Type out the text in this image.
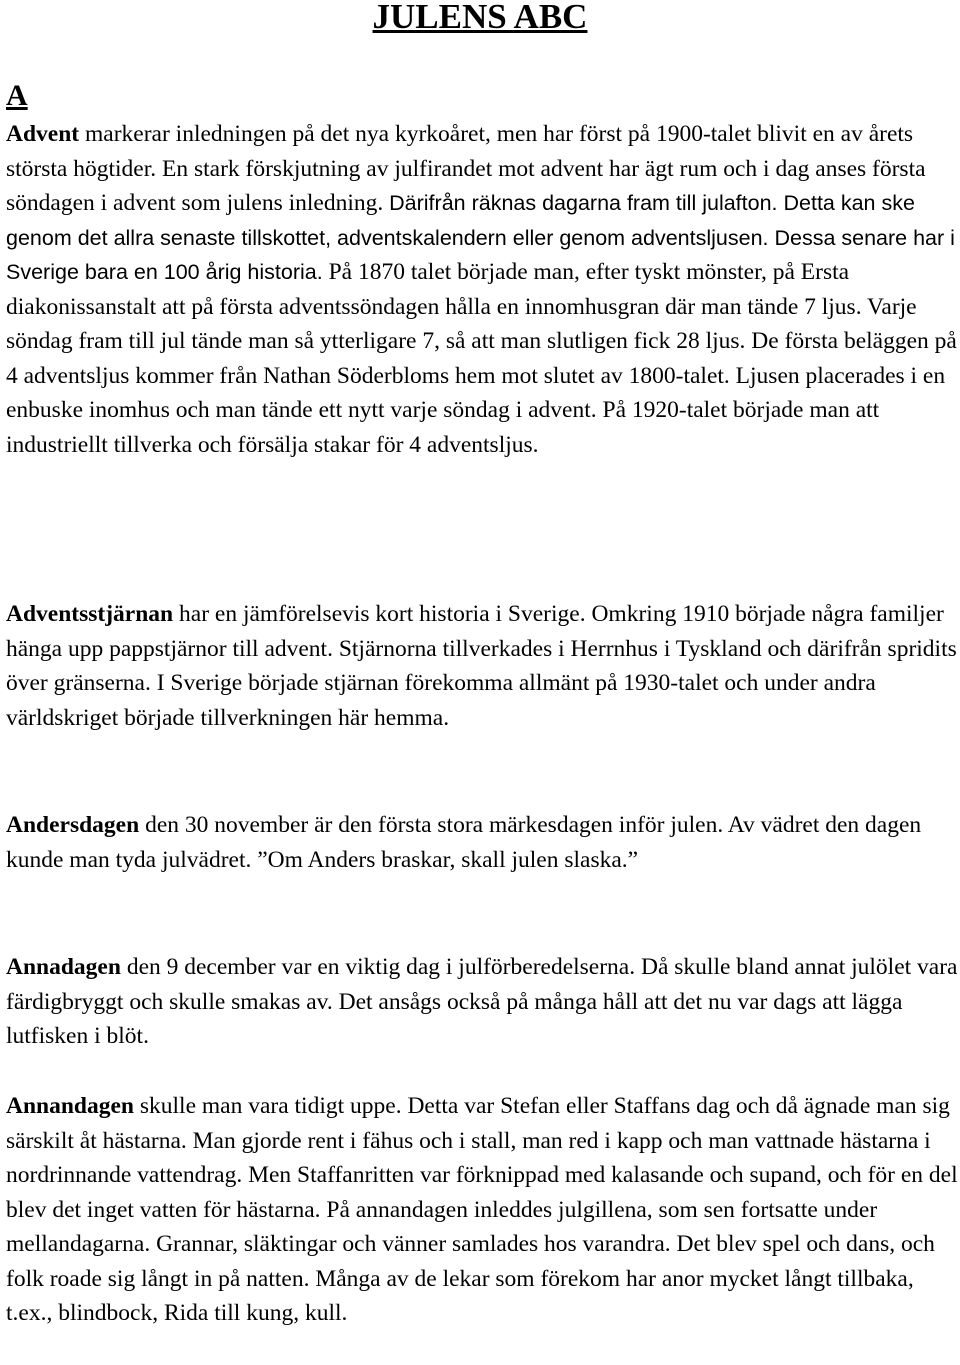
JULENS ABC
A

Advent markerar inledningen på det nya kyrkoåret, men har först på 1900-talet blivit en av årets största högtider. En stark förskjutning av julfirandet mot advent har ägt rum och i dag anses första söndagen i advent som julens inledning. Därifrån räknas dagarna fram till julafton. Detta kan ske genom det allra senaste tillskottet, adventskalendern eller genom adventsljusen. Dessa senare har i Sverige bara en 100 årig historia. På 1870 talet började man, efter tyskt mönster, på Ersta diakonissanstalt att på första adventssöndagen hålla en innomhusgran där man tände 7 ljus. Varje söndag fram till jul tände man så ytterligare 7, så att man slutligen fick 28 ljus. De första beläggen på 4 adventsljus kommer från Nathan Söderbloms hem mot slutet av 1800-talet. Ljusen placerades i en enbuske inomhus och man tände ett nytt varje söndag i advent. På 1920-talet började man att industriellt tillverka och försälja stakar för 4 adventsljus.

Adventsstjärnan har en jämförelsevis kort historia i Sverige. Omkring 1910 började några familjer hänga upp pappstjärnor till advent. Stjärnorna tillverkades i Herrnhus i Tyskland och därifrån spridits över gränserna. I Sverige började stjärnan förekomma allmänt på 1930-talet och under andra världskriget började tillverkningen här hemma.

Andersdagen den 30 november är den första stora märkesdagen inför julen. Av vädret den dagen kunde man tyda julvädret. ”Om Anders braskar, skall julen slaska.”

Annadagen den 9 december var en viktig dag i julförberedelserna. Då skulle bland annat julölet vara färdigbryggt och skulle smakas av. Det ansågs också på många håll att det nu var dags att lägga lutfisken i blöt.

Annandagen skulle man vara tidigt uppe. Detta var Stefan eller Staffans dag och då ägnade man sig särskilt åt hästarna. Man gjorde rent i fähus och i stall, man red i kapp och man vattnade hästarna i nordrinnande vattendrag. Men Staffanritten var förknippad med kalasande och supand, och för en del blev det inget vatten för hästarna. På annandagen inleddes julgillena, som sen fortsatte under mellandagarna. Grannar, släktingar och vänner samlades hos varandra. Det blev spel och dans, och folk roade sig långt in på natten. Många av de lekar som förekom har anor mycket långt tillbaka, t.ex., blindbock, Rida till kung, kull.
